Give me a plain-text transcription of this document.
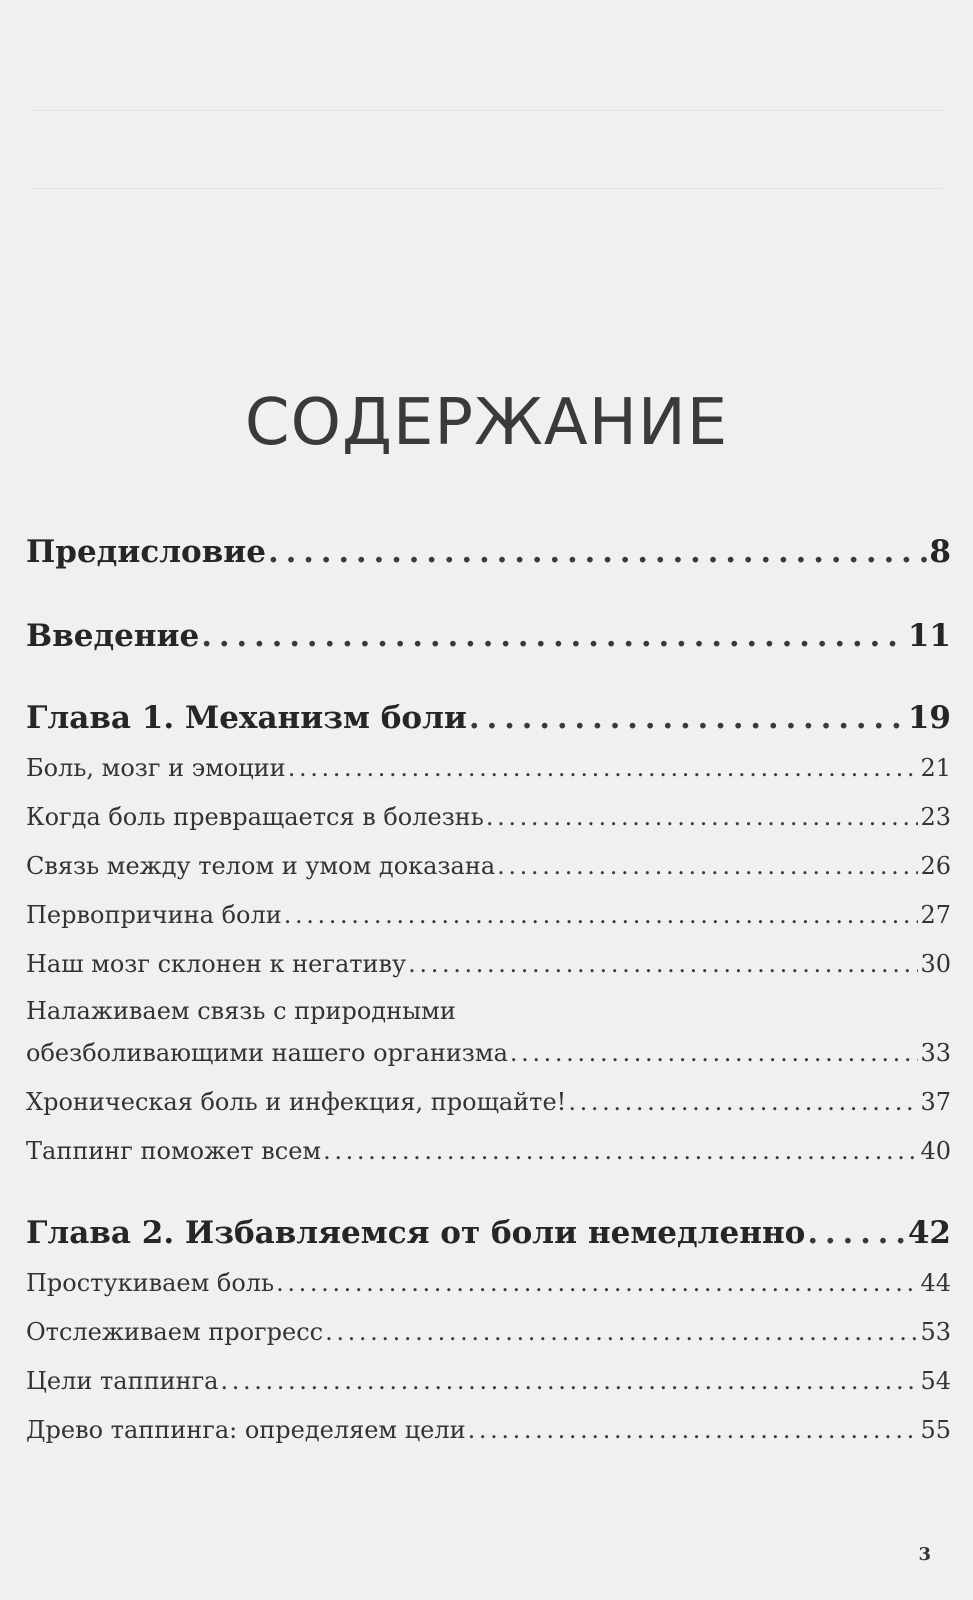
СОДЕРЖАНИЕ
Предисловие . . .	8
Введение . . .	11
Глава 1. Механизм боли . . .	19
Боль, мозг и эмоции . . .	21
Когда боль превращается в болезнь . . .	23
Связь между телом и умом доказана . . .	26
Первопричина боли . . .	27
Наш мозг склонен к негативу . . .	30
Налаживаем связь с природными
обезболивающими нашего организма . . .	33
Хроническая боль и инфекция, прощайте! . . .	37
Таппинг поможет всем . . .	40
Глава 2. Избавляемся от боли немедленно . . .	42
Простукиваем боль . . .	44
Отслеживаем прогресс . . .	53
Цели таппинга . . .	54
Древо таппинга: определяем цели . . .	55
3
